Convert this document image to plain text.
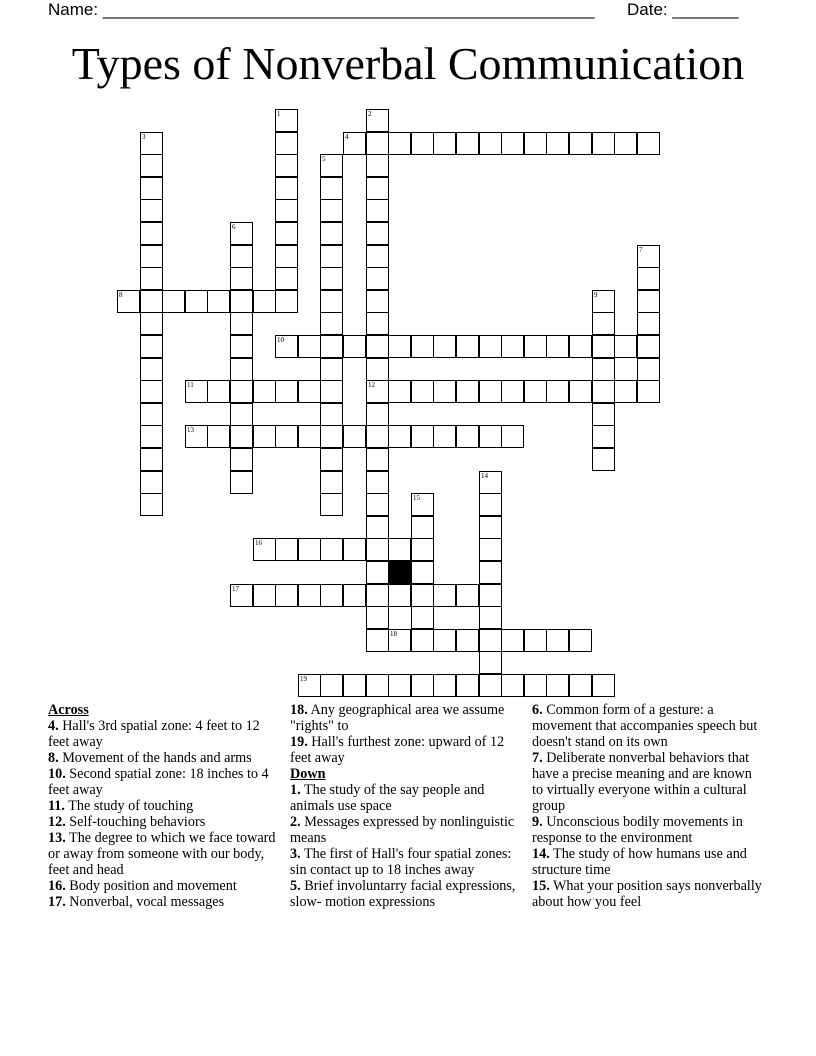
Name: ____________________________________________________ Date: _______
Types of Nonverbal Communication
1	2
12
3	4
5
6
7
8	9
10
11
13
14
15
16
17
18
19
Across
4. Hall's 3rd spatial zone: 4 feet to 12 feet away
8. Movement of the hands and arms
10. Second spatial zone: 18 inches to 4 feet away
11. The study of touching
12. Self-touching behaviors
13. The degree to which we face toward or away from someone with our body, feet and head
16. Body position and movement
17. Nonverbal, vocal messages
18. Any geographical area we assume "rights" to
19. Hall's furthest zone: upward of 12 feet away
Down
1. The study of the say people and animals use space
2. Messages expressed by nonlinguistic means
3. The first of Hall's four spatial zones: sin contact up to 18 inches away
5. Brief involuntarry facial expressions, slow- motion expressions
6. Common form of a gesture: a movement that accompanies speech but doesn't stand on its own
7. Deliberate nonverbal behaviors that have a precise meaning and are known to virtually everyone within a cultural group
9. Unconscious bodily movements in response to the environment
14. The study of how humans use and structure time
15. What your position says nonverbally about how you feel
